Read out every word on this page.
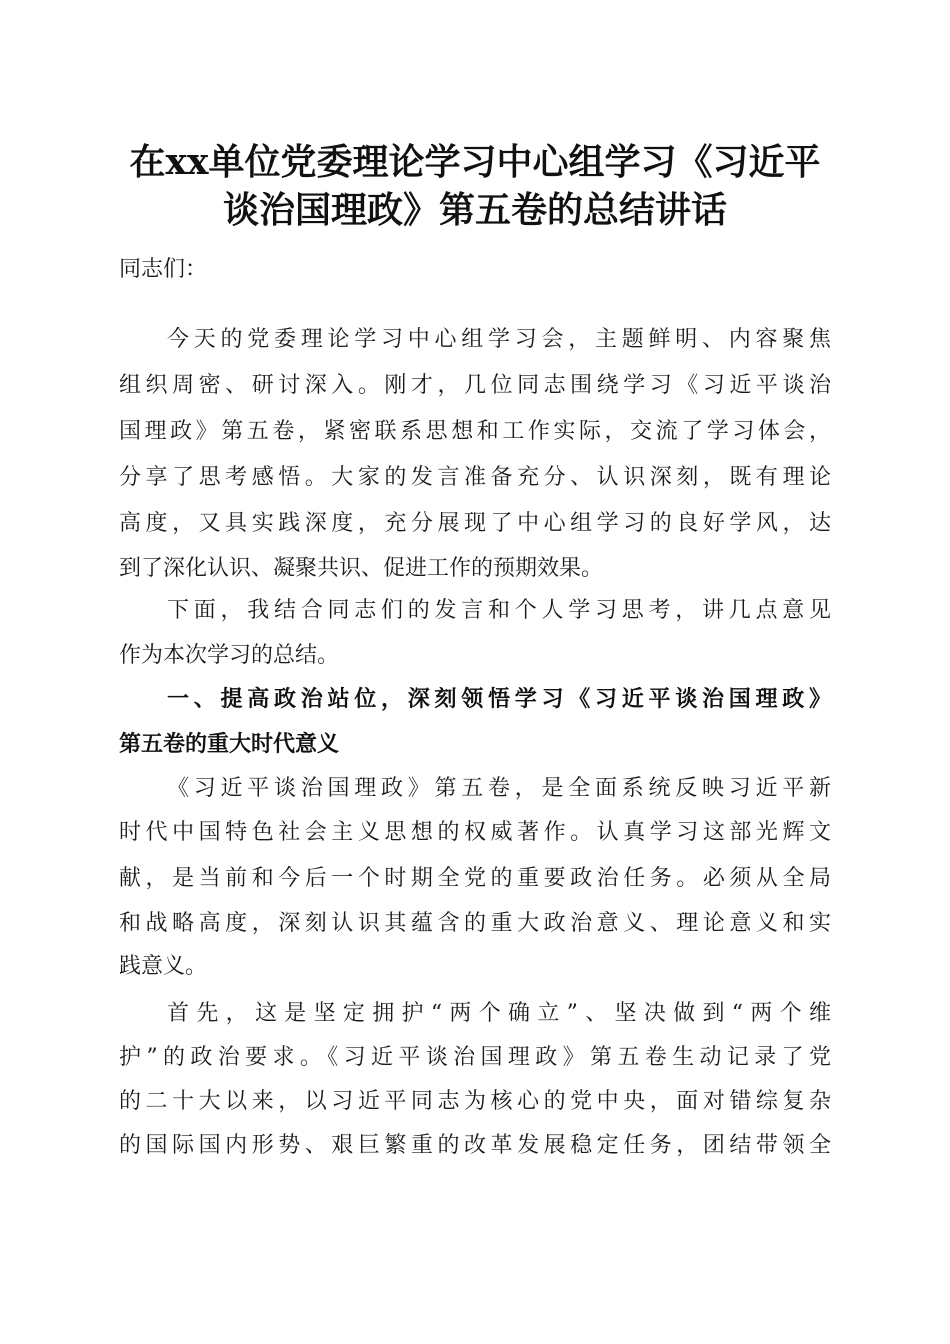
在xx单位党委理论学习中心组学习《习近平
谈治国理政》第五卷的总结讲话
同志们：
今天的党委理论学习中心组学习会，主题鲜明、内容聚焦
组织周密、研讨深入。刚才，几位同志围绕学习《习近平谈治
国理政》第五卷，紧密联系思想和工作实际，交流了学习体会，
分享了思考感悟。大家的发言准备充分、认识深刻，既有理论
高度，又具实践深度，充分展现了中心组学习的良好学风，达
到了深化认识、凝聚共识、促进工作的预期效果。
下面，我结合同志们的发言和个人学习思考，讲几点意见
作为本次学习的总结。
一、提高政治站位，深刻领悟学习《习近平谈治国理政》
第五卷的重大时代意义
《习近平谈治国理政》第五卷，是全面系统反映习近平新
时代中国特色社会主义思想的权威著作。认真学习这部光辉文
献，是当前和今后一个时期全党的重要政治任务。必须从全局
和战略高度，深刻认识其蕴含的重大政治意义、理论意义和实
践意义。
首先，这是坚定拥护“两个确立”、坚决做到“两个维
护”的政治要求。《习近平谈治国理政》第五卷生动记录了党
的二十大以来，以习近平同志为核心的党中央，面对错综复杂
的国际国内形势、艰巨繁重的改革发展稳定任务，团结带领全
